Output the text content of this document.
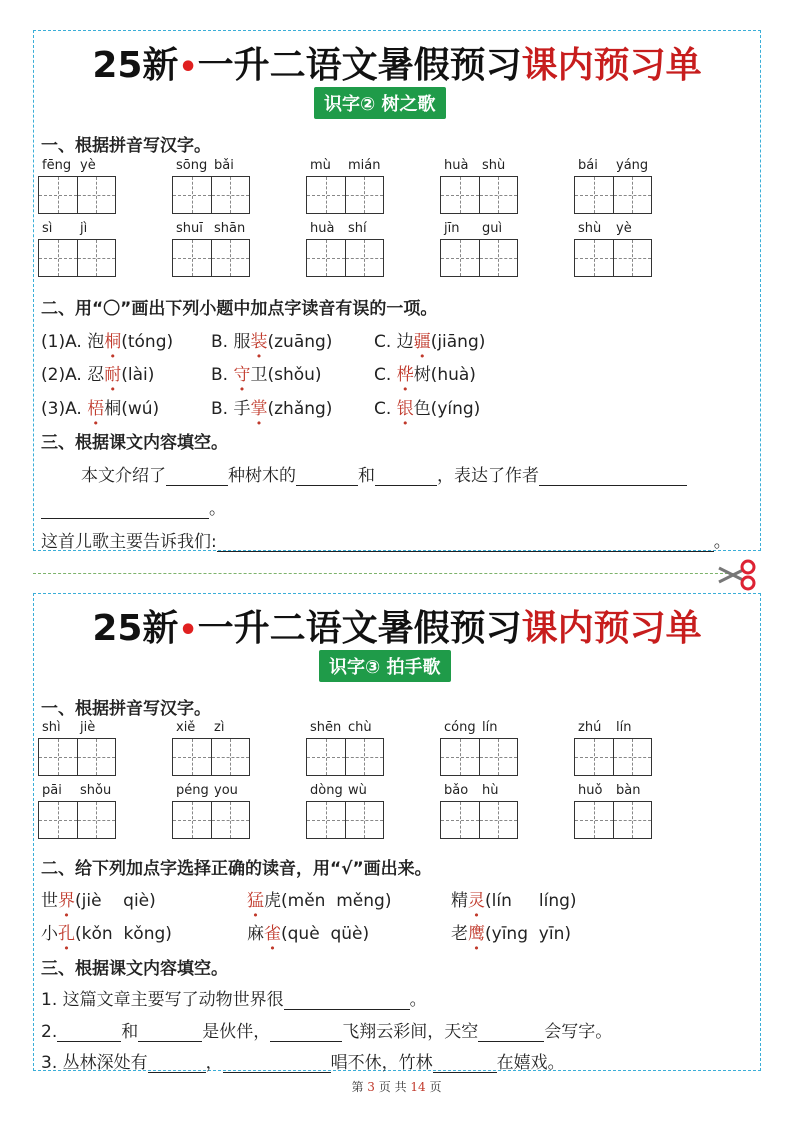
25新•一升二语文暑假预习课内预习单
识字② 树之歌
一、根据拼音写汉字。
fēng yè	sōng bǎi	mù mián	huà shù	bái yáng
sì jì	shuī shān	huà shí	jīn guì	shù yè
二、用“〇”画出下列小题中加点字读音有误的一项。
(1)A. 泡桐(tóng) B. 服装(zuāng) C. 边疆(jiāng)
(2)A. 忍耐(lài)	B. 守卫(shǒu)	C. 桦树(huà)
(3)A. 梧桐(wú)	B. 手掌(zhǎng) C. 银色(yíng)
三、根据课文内容填空。
本文介绍了	种树木的	和	，表达了作者
。
这首儿歌主要告诉我们:	。
25新•一升二语文暑假预习课内预习单
识字③ 拍手歌
一、根据拼音写汉字。
shì jiè	xiě zì	shēn chù	cóng lín	zhú lín
pāi shǒu	péng you	dòng wù	bǎo hù	huǒ bàn
二、给下列加点字选择正确的读音，用“√”画出来。
世界(jiè    qiè)	猛虎(měn  měng)	精灵(lín     líng)
小孔(kǒn  kǒng)	麻雀(què  qüè)	老鹰(yīng  yīn)
三、根据课文内容填空。
1. 这篇文章主要写了动物世界很	。
2.	和	是伙伴，	飞翔云彩间，天空	会写字。
3. 丛林深处有	，	唱不休，竹林	在嬉戏。
第 3 页 共 14 页
